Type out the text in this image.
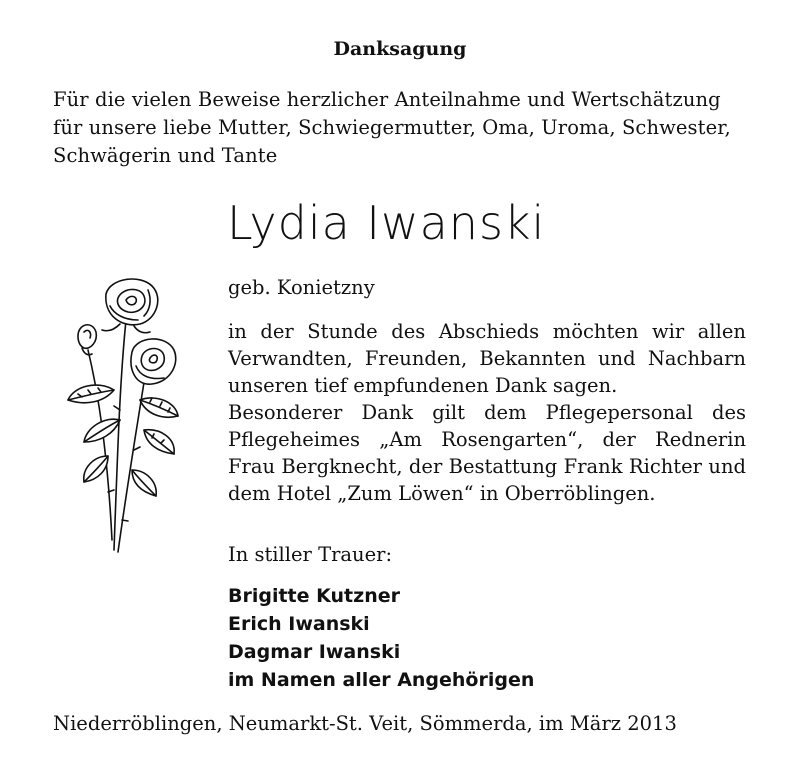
Danksagung
Für die vielen Beweise herzlicher Anteilnahme und Wertschätzung
für unsere liebe Mutter, Schwiegermutter, Oma, Uroma, Schwester,
Schwägerin und Tante
Lydia Iwanski
geb. Konietzny
in der Stunde des Abschieds möchten wir allen
Verwandten, Freunden, Bekannten und Nachbarn
unseren tief empfundenen Dank sagen.
Besonderer Dank gilt dem Pflegepersonal des
Pflegeheimes „Am Rosengarten“, der Rednerin
Frau Bergknecht, der Bestattung Frank Richter und
dem Hotel „Zum Löwen“ in Oberröblingen.
In stiller Trauer:
Brigitte Kutzner
Erich Iwanski
Dagmar Iwanski
im Namen aller Angehörigen
Niederröblingen, Neumarkt-St. Veit, Sömmerda, im März 2013
